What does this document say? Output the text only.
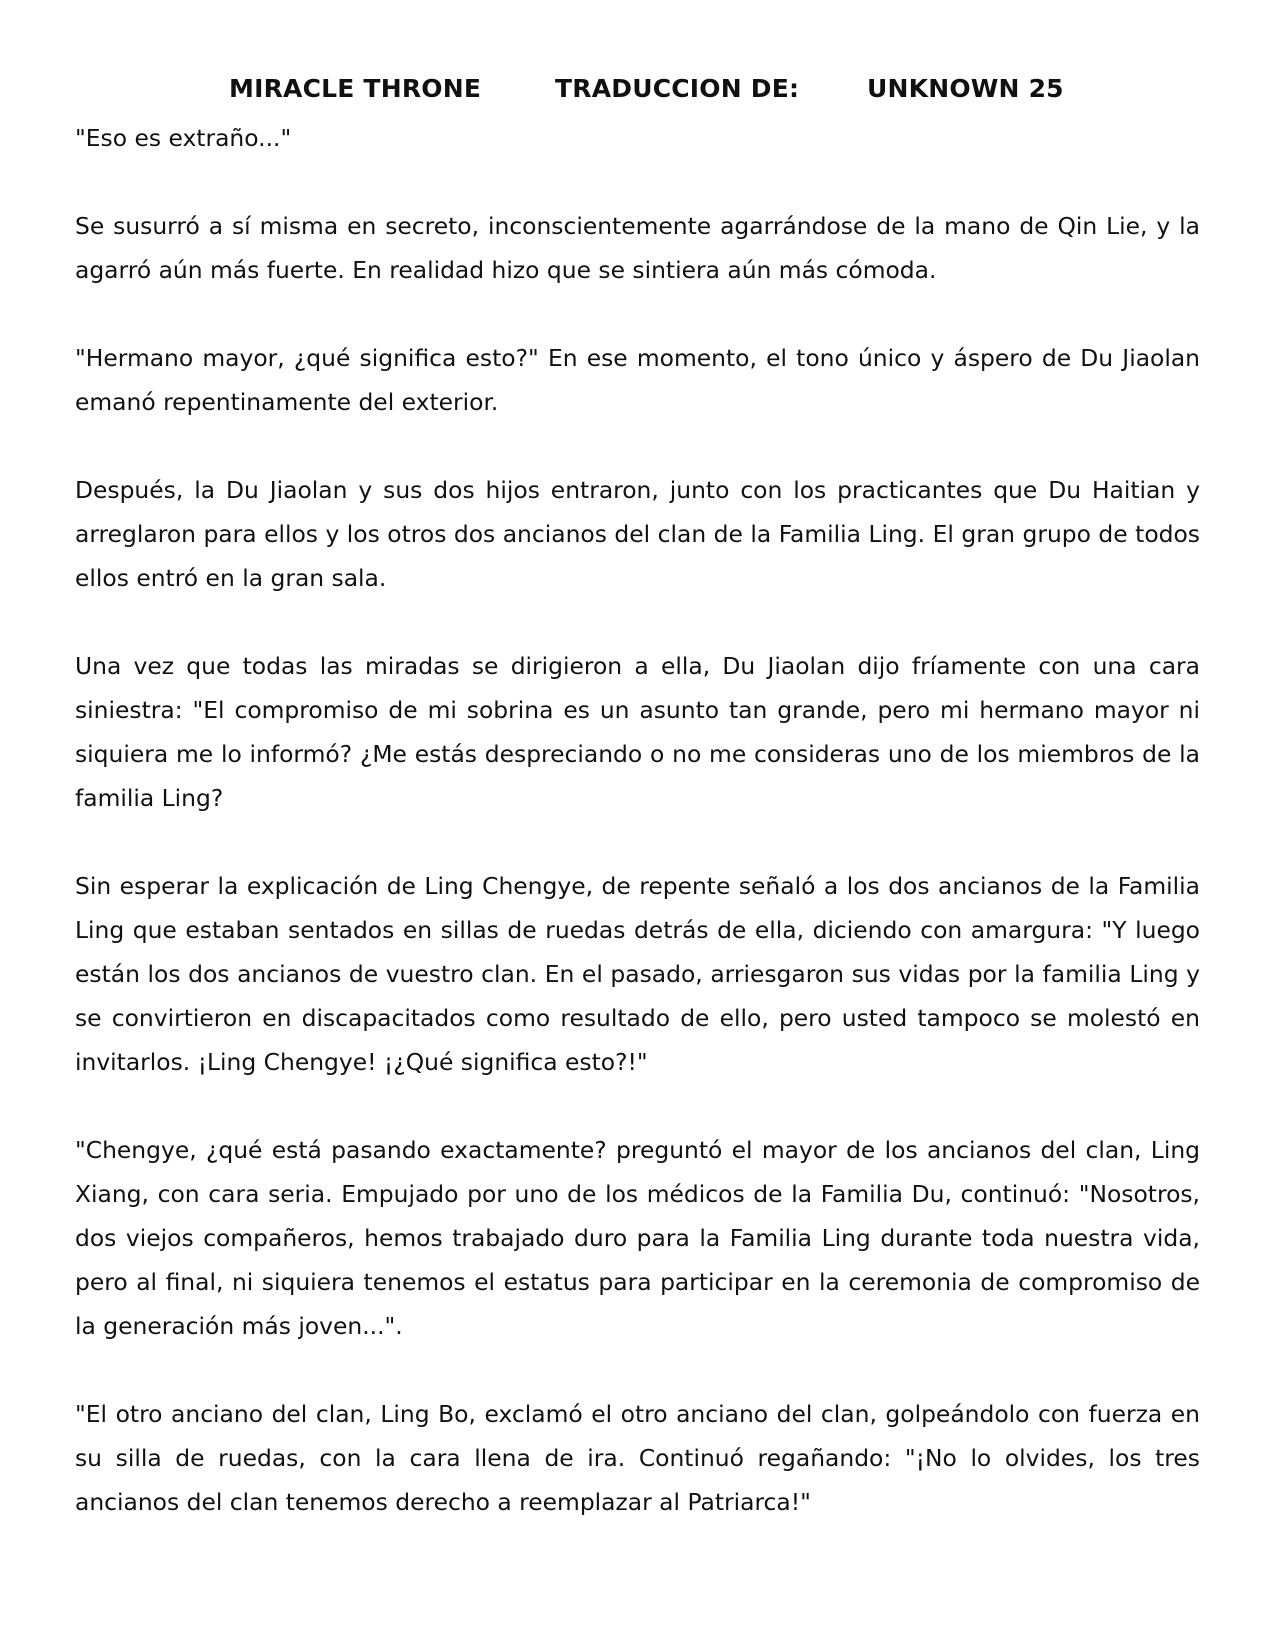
MIRACLE THRONE	TRADUCCION DE:	UNKNOWN 25

"Eso es extraño..."

Se susurró a sí misma en secreto, inconscientemente agarrándose de la mano de Qin Lie, y la agarró aún más fuerte. En realidad hizo que se sintiera aún más cómoda.

"Hermano mayor, ¿qué significa esto?" En ese momento, el tono único y áspero de Du Jiaolan emanó repentinamente del exterior.

Después, la Du Jiaolan y sus dos hijos entraron, junto con los practicantes que Du Haitian y arreglaron para ellos y los otros dos ancianos del clan de la Familia Ling. El gran grupo de todos ellos entró en la gran sala.

Una vez que todas las miradas se dirigieron a ella, Du Jiaolan dijo fríamente con una cara siniestra: "El compromiso de mi sobrina es un asunto tan grande, pero mi hermano mayor ni siquiera me lo informó? ¿Me estás despreciando o no me consideras uno de los miembros de la familia Ling?

Sin esperar la explicación de Ling Chengye, de repente señaló a los dos ancianos de la Familia Ling que estaban sentados en sillas de ruedas detrás de ella, diciendo con amargura: "Y luego están los dos ancianos de vuestro clan. En el pasado, arriesgaron sus vidas por la familia Ling y se convirtieron en discapacitados como resultado de ello, pero usted tampoco se molestó en invitarlos. ¡Ling Chengye! ¡¿Qué significa esto?!"

"Chengye, ¿qué está pasando exactamente? preguntó el mayor de los ancianos del clan, Ling Xiang, con cara seria. Empujado por uno de los médicos de la Familia Du, continuó: "Nosotros, dos viejos compañeros, hemos trabajado duro para la Familia Ling durante toda nuestra vida, pero al final, ni siquiera tenemos el estatus para participar en la ceremonia de compromiso de la generación más joven...".

"El otro anciano del clan, Ling Bo, exclamó el otro anciano del clan, golpeándolo con fuerza en su silla de ruedas, con la cara llena de ira. Continuó regañando: "¡No lo olvides, los tres ancianos del clan tenemos derecho a reemplazar al Patriarca!"
